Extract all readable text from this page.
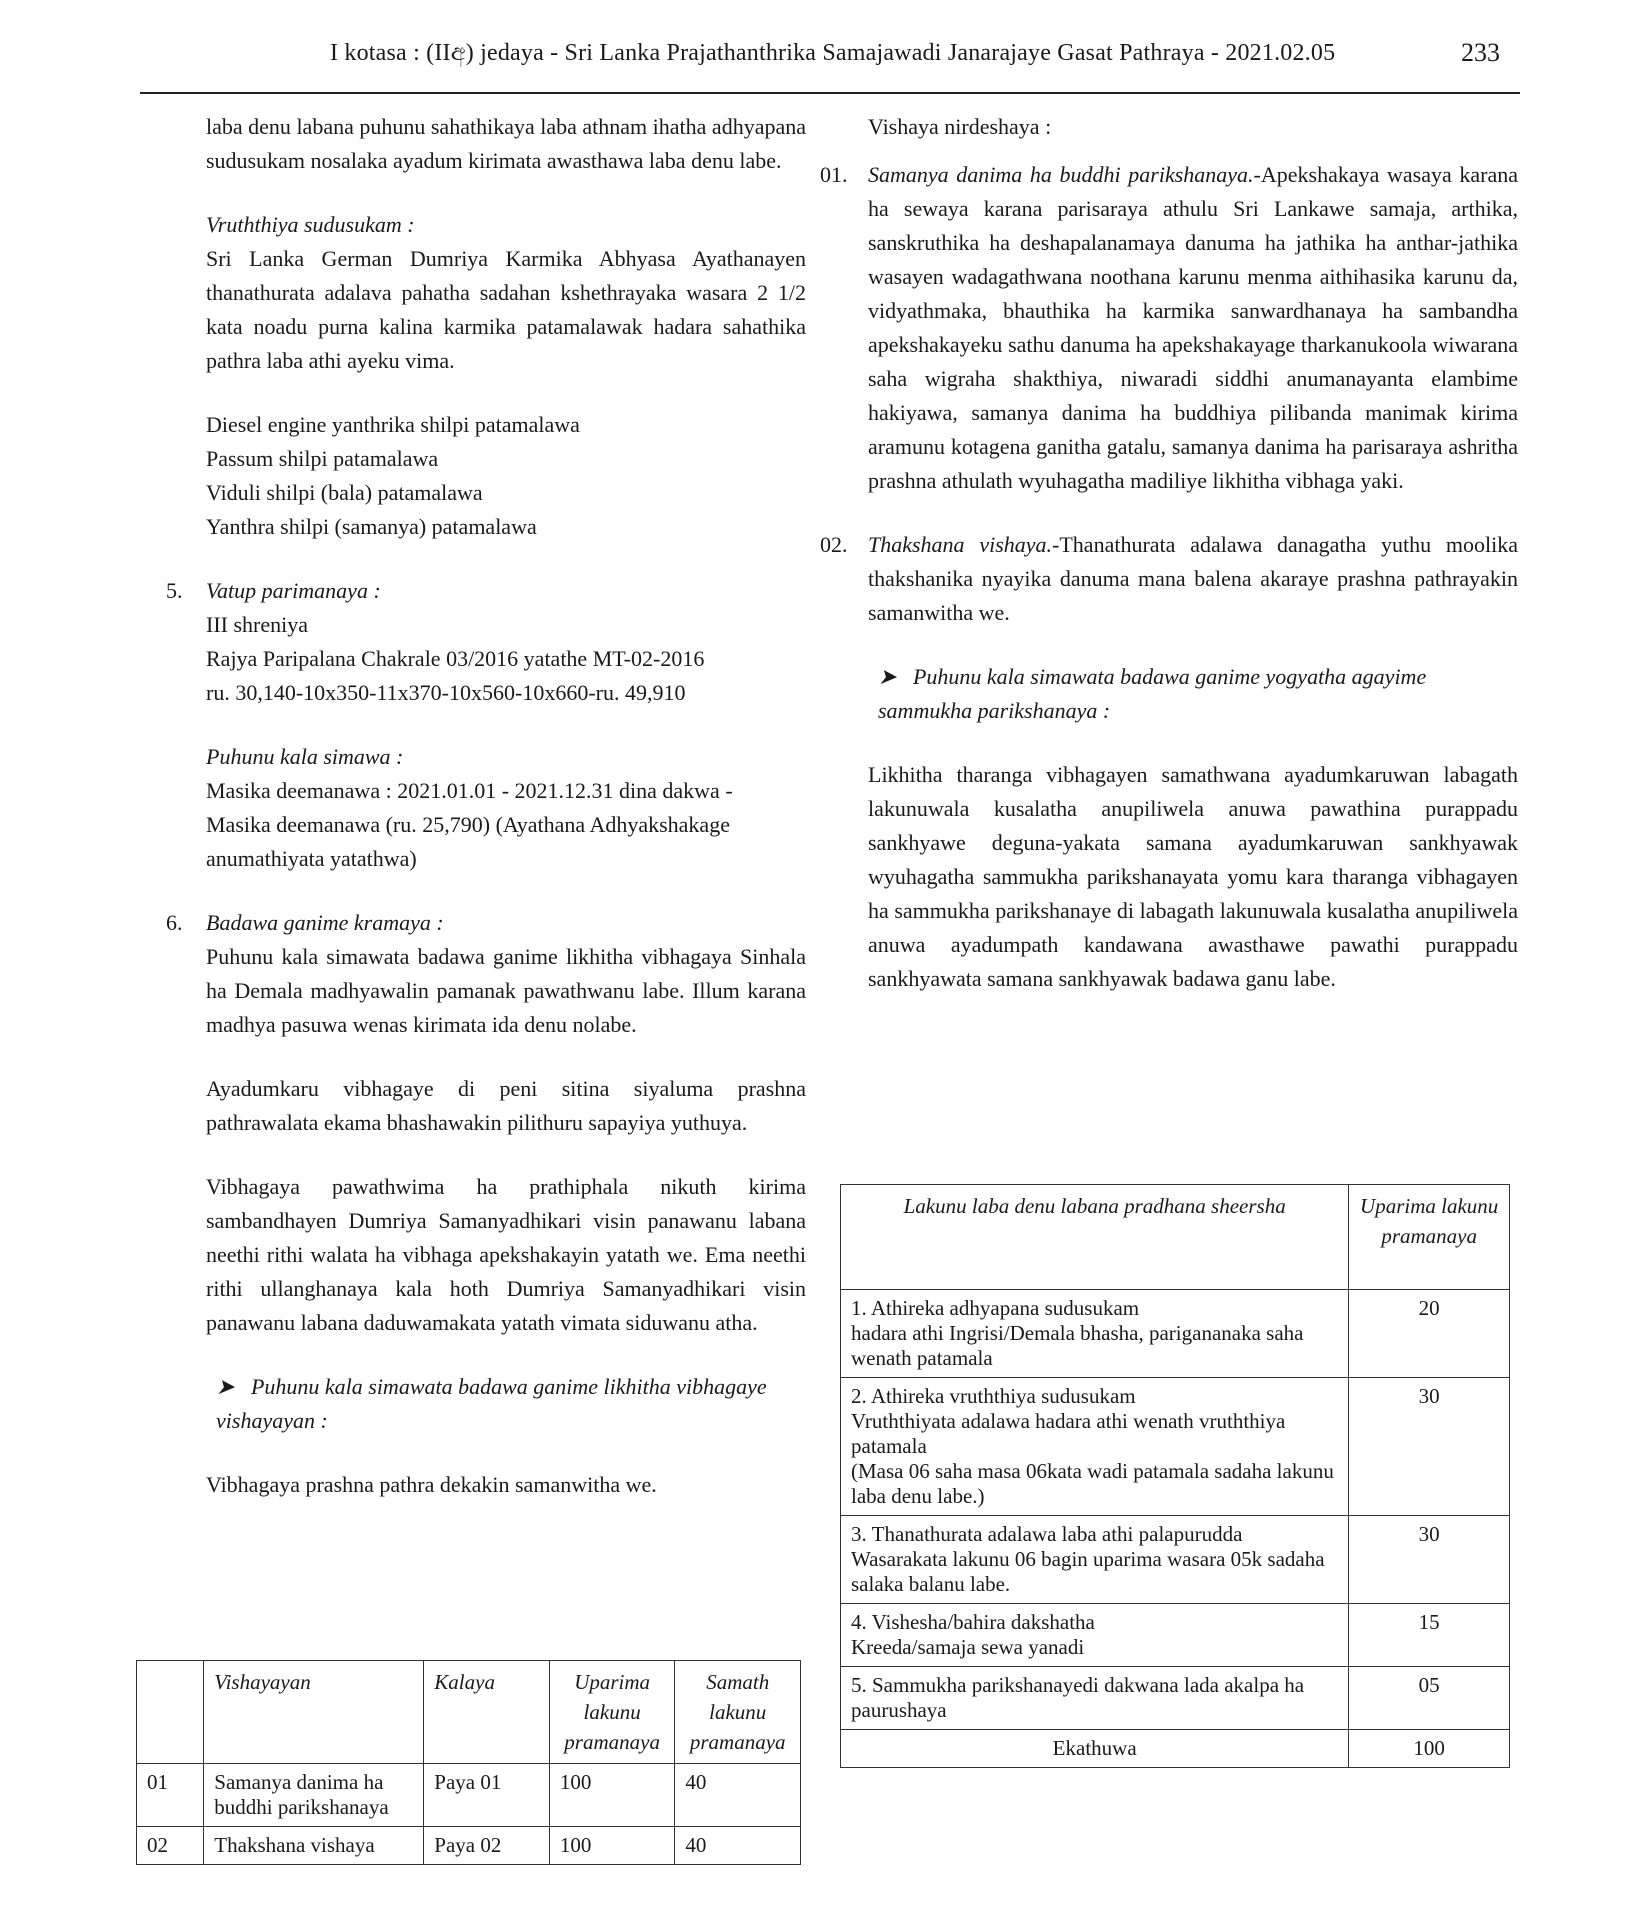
I kotasa : (IIඅ) jedaya - Sri Lanka Prajathanthrika Samajawadi Janarajaye Gasat Pathraya - 2021.02.05	233

laba denu labana puhunu sahathikaya laba athnam ihatha adhyapana sudusukam nosalaka ayadum kirimata awasthawa laba denu labe.

Vruththiya sudusukam :

Sri Lanka German Dumriya Karmika Abhyasa Ayathanayen thanathurata adalava pahatha sadahan kshethrayaka wasara 2 1/2 kata noadu purna kalina karmika patamalawak hadara sahathika pathra laba athi ayeku vima.

Diesel engine yanthrika shilpi patamalawa

Passum shilpi patamalawa

Viduli shilpi (bala) patamalawa

Yanthra shilpi (samanya) patamalawa

5. Vatup parimanaya :

III shreniya

Rajya Paripalana Chakrale 03/2016 yatathe MT-02-2016

ru. 30,140-10x350-11x370-10x560-10x660-ru. 49,910

Puhunu kala simawa :

Masika deemanawa : 2021.01.01 - 2021.12.31 dina dakwa -

Masika deemanawa (ru. 25,790) (Ayathana Adhyakshakage

anumathiyata yatathwa)

6. Badawa ganime kramaya :

Puhunu kala simawata badawa ganime likhitha vibhagaya Sinhala ha Demala madhyawalin pamanak pawathwanu labe. Illum karana madhya pasuwa wenas kirimata ida denu nolabe.

Ayadumkaru vibhagaye di peni sitina siyaluma prashna pathrawalata ekama bhashawakin pilithuru sapayiya yuthuya.

Vibhagaya pawathwima ha prathiphala nikuth kirima sambandhayen Dumriya Samanyadhikari visin panawanu labana neethi rithi walata ha vibhaga apekshakayin yatath we. Ema neethi rithi ullanghanaya kala hoth Dumriya Samanyadhikari visin panawanu labana daduwamakata yatath vimata siduwanu atha.

➤ Puhunu kala simawata badawa ganime likhitha vibhagaye vishayayan :

Vibhagaya prashna pathra dekakin samanwitha we.

	Vishayayan	Kalaya	Uparima lakunu pramanaya	Samath lakunu pramanaya
01	Samanya danima ha buddhi parikshanaya	Paya 01	100	40
02	Thakshana vishaya	Paya 02	100	40

Vishaya nirdeshaya :

01. Samanya danima ha buddhi parikshanaya.-Apekshakaya wasaya karana ha sewaya karana parisaraya athulu Sri Lankawe samaja, arthika, sanskruthika ha deshapalanamaya danuma ha jathika ha anthar-jathika wasayen wadagathwana noothana karunu menma aithihasika karunu da, vidyathmaka, bhauthika ha karmika sanwardhanaya ha sambandha apekshakayeku sathu danuma ha apekshakayage tharkanukoola wiwarana saha wigraha shakthiya, niwaradi siddhi anumanayanta elambime hakiyawa, samanya danima ha buddhiya pilibanda manimak kirima aramunu kotagena ganitha gatalu, samanya danima ha parisaraya ashritha prashna athulath wyuhagatha madiliye likhitha vibhaga yaki.
02. Thakshana vishaya.-Thanathurata adalawa danagatha yuthu moolika thakshanika nyayika danuma mana balena akaraye prashna pathrayakin samanwitha we.

➤ Puhunu kala simawata badawa ganime yogyatha agayime sammukha parikshanaya :

Likhitha tharanga vibhagayen samathwana ayadumkaruwan labagath lakunuwala kusalatha anupiliwela anuwa pawathina purappadu sankhyawe deguna-yakata samana ayadumkaruwan sankhyawak wyuhagatha sammukha parikshanayata yomu kara tharanga vibhagayen ha sammukha parikshanaye di labagath lakunuwala kusalatha anupiliwela anuwa ayadumpath kandawana awasthawe pawathi purappadu sankhyawata samana sankhyawak badawa ganu labe.

Lakunu laba denu labana pradhana sheersha	Uparima lakunu pramanaya

1. Athireka adhyapana sudusukam
hadara athi Ingrisi/Demala bhasha, parigananaka saha wenath patamala	20

2. Athireka vruththiya sudusukam
Vruththiyata adalawa hadara athi wenath vruththiya patamala
(Masa 06 saha masa 06kata wadi patamala sadaha lakunu laba denu labe.)	30

3. Thanathurata adalawa laba athi palapurudda
Wasarakata lakunu 06 bagin uparima wasara 05k sadaha salaka balanu labe.	30

4. Vishesha/bahira dakshatha
Kreeda/samaja sewa yanadi	15

5. Sammukha parikshanayedi dakwana lada akalpa ha paurushaya	05
Ekathuwa	100
